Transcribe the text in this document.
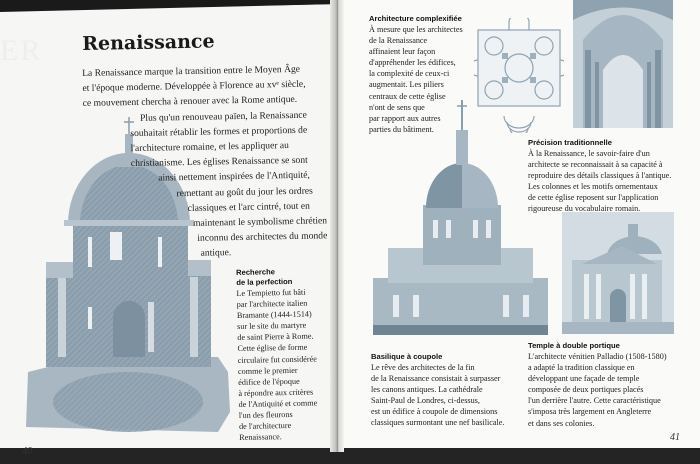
ER Renaissance
La Renaissance marque la transition entre le Moyen Âge
et l'époque moderne. Développée à Florence au xvᵉ siècle,
ce mouvement chercha à renouer avec la Rome antique.
Plus qu'un renouveau païen, la Renaissance
souhaitait rétablir les formes et proportions de
l'architecture romaine, et les appliquer au
christianisme. Les églises Renaissance se sont
ainsi nettement inspirées de l'Antiquité,
remettant au goût du jour les ordres
classiques et l'arc cintré, tout en
maintenant le symbolisme chrétien
inconnu des architectes du monde
antique.
Recherche
de la perfection
Le Tempietto fut bâti
par l'architecte italien
Bramante (1444-1514)
sur le site du martyre
de saint Pierre à Rome.
Cette église de forme
circulaire fut considérée
comme le premier
édifice de l'époque
à répondre aux critères
de l'Antiquité et comme
l'un des fleurons
de l'architecture
Renaissance.
40
Architecture complexifiée
À mesure que les architectes
de la Renaissance
affinaient leur façon
d'appréhender les édifices,
la complexité de ceux-ci
augmentait. Les piliers
centraux de cette église
n'ont de sens que
par rapport aux autres
parties du bâtiment.
Précision traditionnelle
À la Renaissance, le savoir-faire d'un
architecte se reconnaissait à sa capacité à
reproduire des détails classiques à l'antique.
Les colonnes et les motifs ornementaux
de cette église reposent sur l'application
rigoureuse du vocabulaire romain.
Basilique à coupole
Le rêve des architectes de la fin
de la Renaissance consistait à surpasser
les canons antiques. La cathédrale
Saint-Paul de Londres, ci-dessus,
est un édifice à coupole de dimensions
classiques surmontant une nef basilicale.
Temple à double portique
L'architecte vénitien Palladio (1508-1580)
a adapté la tradition classique en
développant une façade de temple
composée de deux portiques placés
l'un derrière l'autre. Cette caractéristique
s'imposa très largement en Angleterre
et dans ses colonies.
41
